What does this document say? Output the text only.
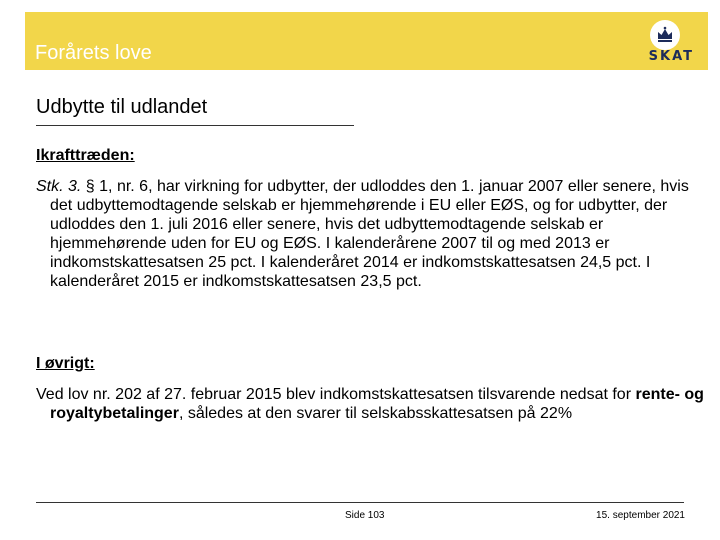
Forårets love	SKAT
Udbytte til udlandet
Ikrafttræden:
Stk. 3. § 1, nr. 6, har virkning for udbytter, der udloddes den 1. januar 2007 eller senere, hvis det udbyttemodtagende selskab er hjemmehørende i EU eller EØS, og for udbytter, der udloddes den 1. juli 2016 eller senere, hvis det udbyttemodtagende selskab er hjemmehørende uden for EU og EØS. I kalenderårene 2007 til og med 2013 er indkomstskattesatsen 25 pct. I kalenderåret 2014 er indkomstskattesatsen 24,5 pct. I kalenderåret 2015 er indkomstskattesatsen 23,5 pct.
I øvrigt:
Ved lov nr. 202 af 27. februar 2015 blev indkomstskattesatsen tilsvarende nedsat for rente- og royaltybetalinger, således at den svarer til selskabsskattesatsen på 22%
Side 103	15. september 2021
